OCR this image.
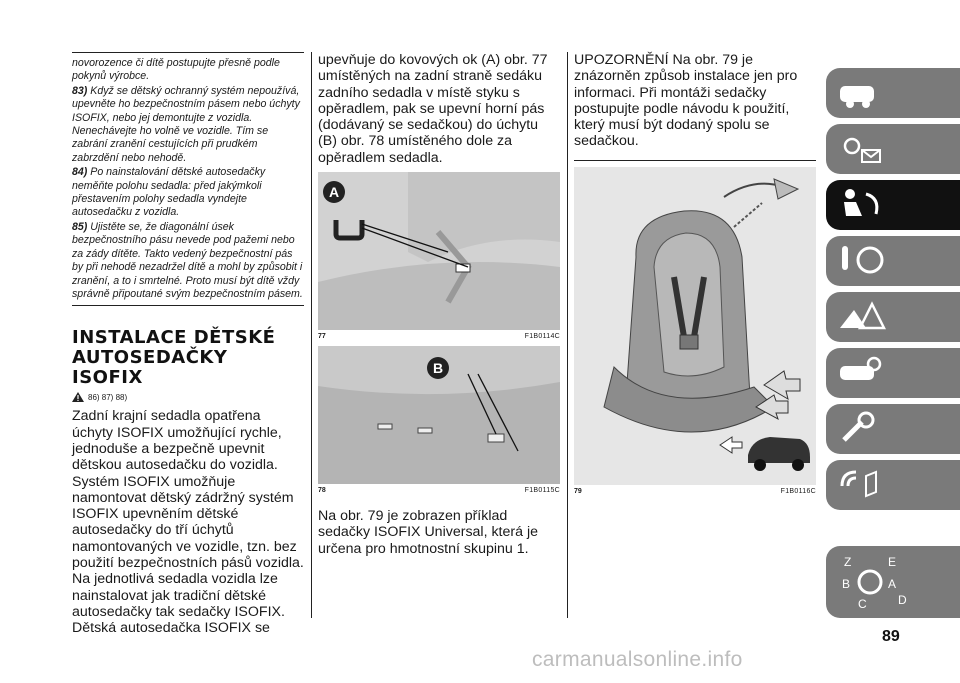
novorozence či dítě postupujte přesně podle pokynů výrobce.

83) Když se dětský ochranný systém nepoužívá, upevněte ho bezpečnostním pásem nebo úchyty ISOFIX, nebo jej demontujte z vozidla. Nenechávejte ho volně ve vozidle. Tím se zabrání zranění cestujících při prudkém zabrzdění nebo nehodě.

84) Po nainstalování dětské autosedačky neměňte polohu sedadla: před jakýmkoli přestavením polohy sedadla vyndejte autosedačku z vozidla.

85) Ujistěte se, že diagonální úsek bezpečnostního pásu nevede pod pažemi nebo za zády dítěte. Takto vedený bezpečnostní pás by při nehodě nezadržel dítě a mohl by způsobit i zranění, a to i smrtelné. Proto musí být dítě vždy správně připoutané svým bezpečnostním pásem.

INSTALACE DĚTSKÉ
AUTOSEDAČKY ISOFIX
86) 87) 88)

Zadní krajní sedadla opatřena úchyty ISOFIX umožňující rychle, jednoduše a bezpečně upevnit dětskou autosedačku do vozidla. Systém ISOFIX umožňuje namontovat dětský zádržný systém ISOFIX upevněním dětské autosedačky do tří úchytů namontovaných ve vozidle, tzn. bez použití bezpečnostních pásů vozidla. Na jednotlivá sedadla vozidla lze nainstalovat jak tradiční dětské autosedačky tak sedačky ISOFIX. Dětská autosedačka ISOFIX se

upevňuje do kovových ok (A) obr. 77 umístěných na zadní straně sedáku zadního sedadla v místě styku s opěradlem, pak se upevní horní pás (dodávaný se sedačkou) do úchytu (B) obr. 78 umístěného dole za opěradlem sedadla.

A
77	F1B0114C
B
78	F1B0115C

Na obr. 79 je zobrazen příklad sedačky ISOFIX Universal, která je určena pro hmotnostní skupinu 1.

UPOZORNĚNÍ Na obr. 79 je znázorněn způsob instalace jen pro informaci. Při montáži sedačky postupujte podle návodu k použití, který musí být dodaný spolu se sedačkou.

79	F1B0116C
Z	E
B	A
C	D
89
carmanualsonline.info
